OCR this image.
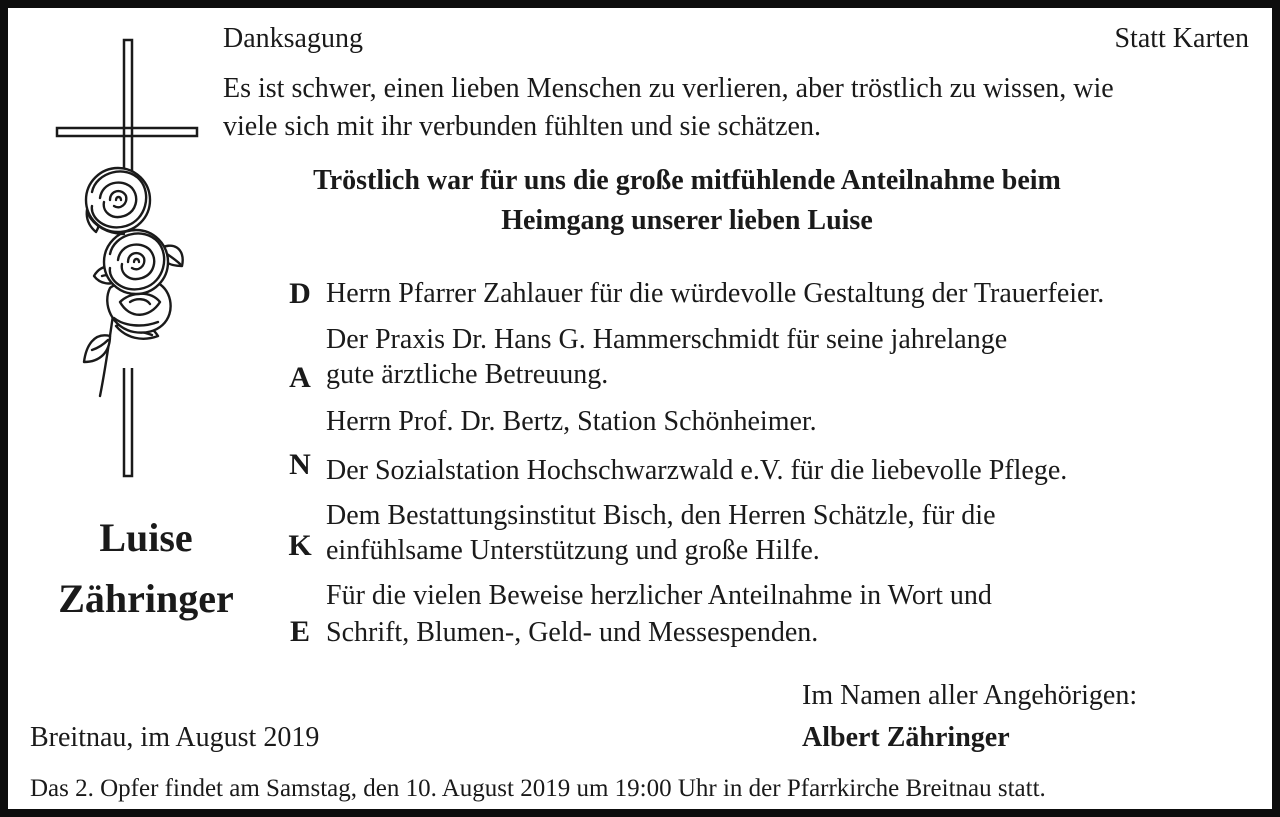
Danksagung	Statt Karten
Es ist schwer, einen lieben Menschen zu verlieren, aber tröstlich zu wissen, wie
viele sich mit ihr verbunden fühlten und sie schätzen.
Tröstlich war für uns die große mitfühlende Anteilnahme beim
Heimgang unserer lieben Luise
Luise
Zähringer
D
A
N
K
E
Herrn Pfarrer Zahlauer für die würdevolle Gestaltung der Trauerfeier.
Der Praxis Dr. Hans G. Hammerschmidt für seine jahrelange
gute ärztliche Betreuung.
Herrn Prof. Dr. Bertz, Station Schönheimer.
Der Sozialstation Hochschwarzwald e.V. für die liebevolle Pflege.
Dem Bestattungsinstitut Bisch, den Herren Schätzle, für die
einfühlsame Unterstützung und große Hilfe.
Für die vielen Beweise herzlicher Anteilnahme in Wort und
Schrift, Blumen-, Geld- und Messespenden.
Im Namen aller Angehörigen:
Albert Zähringer
Breitnau, im August 2019
Das 2. Opfer findet am Samstag, den 10. August 2019 um 19:00 Uhr in der Pfarrkirche Breitnau statt.
